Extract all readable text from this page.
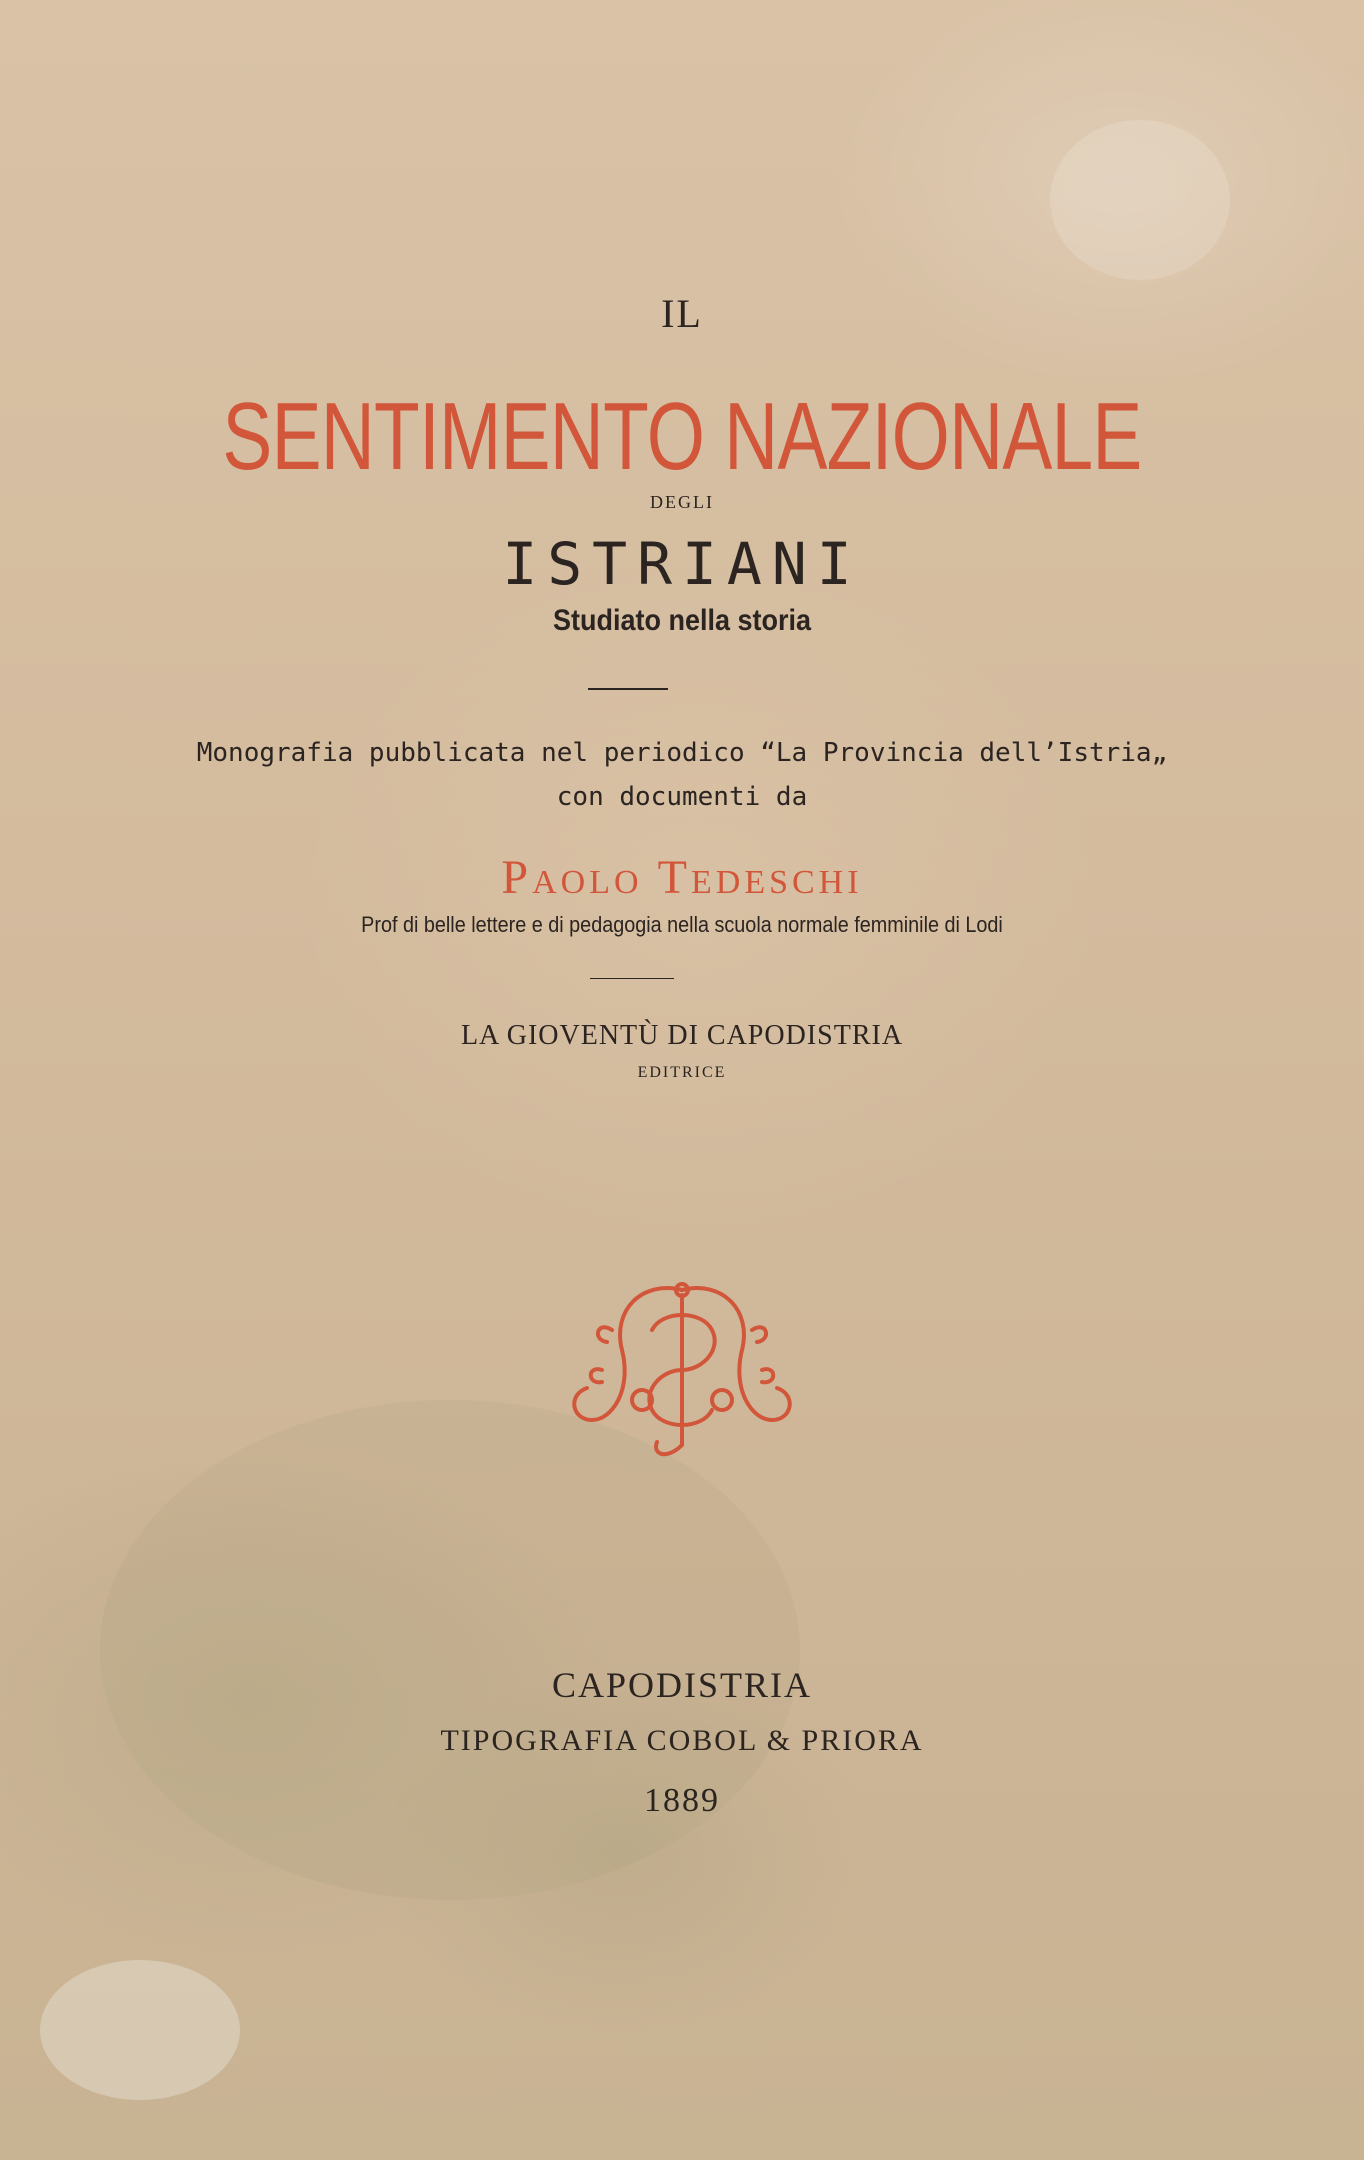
IL
SENTIMENTO NAZIONALE
DEGLI
ISTRIANI
Studiato nella storia
Monografia pubblicata nel periodico “La Provincia dell’Istria„
con documenti da
Paolo Tedeschi
Prof di belle lettere e di pedagogia nella scuola normale femminile di Lodi
LA GIOVENTÙ DI CAPODISTRIA
EDITRICE
CAPODISTRIA
TIPOGRAFIA COBOL & PRIORA
1889
